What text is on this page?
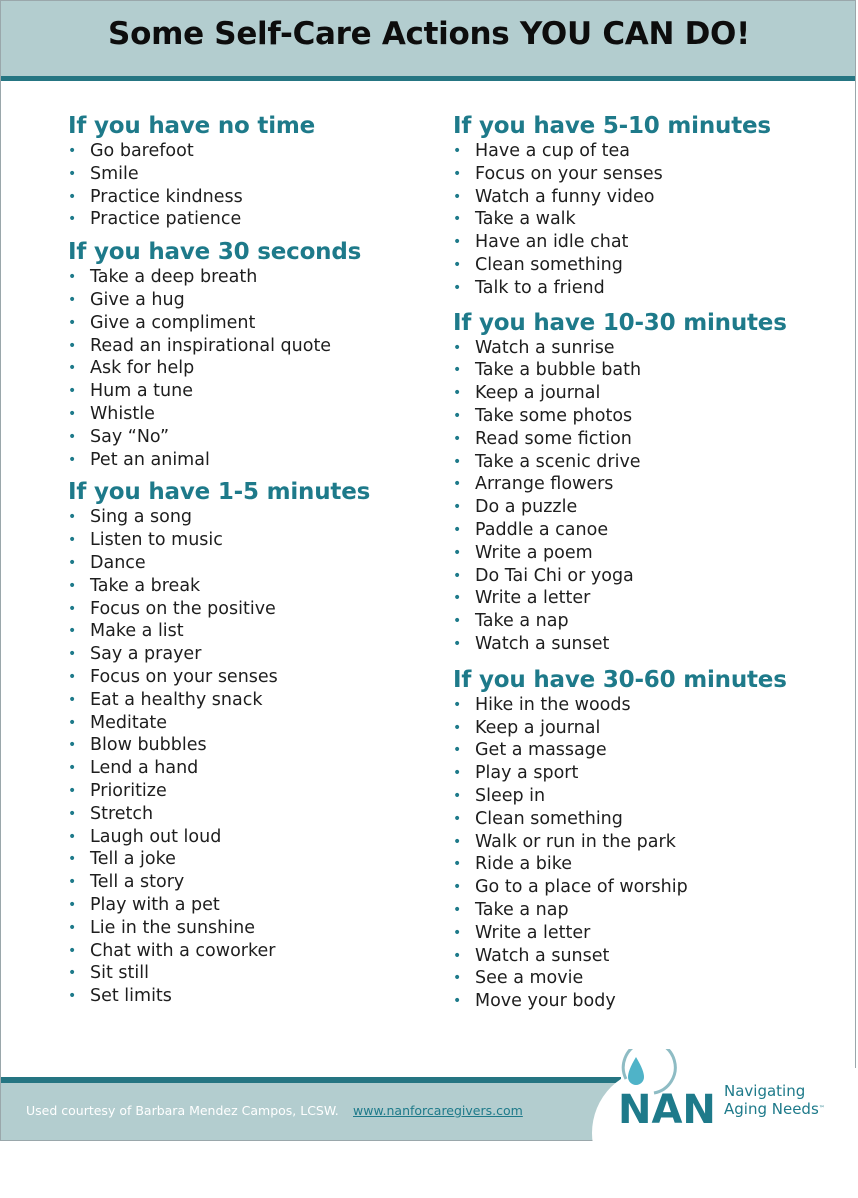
Some Self-Care Actions YOU CAN DO!
If you have no time
• Go barefoot
• Smile
• Practice kindness
• Practice patience
If you have 30 seconds
• Take a deep breath
• Give a hug
• Give a compliment
• Read an inspirational quote
• Ask for help
• Hum a tune
• Whistle
• Say “No”
• Pet an animal
If you have 1-5 minutes
• Sing a song
• Listen to music
• Dance
• Take a break
• Focus on the positive
• Make a list
• Say a prayer
• Focus on your senses
• Eat a healthy snack
• Meditate
• Blow bubbles
• Lend a hand
• Prioritize
• Stretch
• Laugh out loud
• Tell a joke
• Tell a story
• Play with a pet
• Lie in the sunshine
• Chat with a coworker
• Sit still
• Set limits
If you have 5-10 minutes
• Have a cup of tea
• Focus on your senses
• Watch a funny video
• Take a walk
• Have an idle chat
• Clean something
• Talk to a friend
If you have 10-30 minutes
• Watch a sunrise
• Take a bubble bath
• Keep a journal
• Take some photos
• Read some fiction
• Take a scenic drive
• Arrange flowers
• Do a puzzle
• Paddle a canoe
• Write a poem
• Do Tai Chi or yoga
• Write a letter
• Take a nap
• Watch a sunset
If you have 30-60 minutes
• Hike in the woods
• Keep a journal
• Get a massage
• Play a sport
• Sleep in
• Clean something
• Walk or run in the park
• Ride a bike
• Go to a place of worship
• Take a nap
• Write a letter
• Watch a sunset
• See a movie
• Move your body
Used courtesy of Barbara Mendez Campos, LCSW. www.nanforcaregivers.com NAN Navigating
Aging Needs™
